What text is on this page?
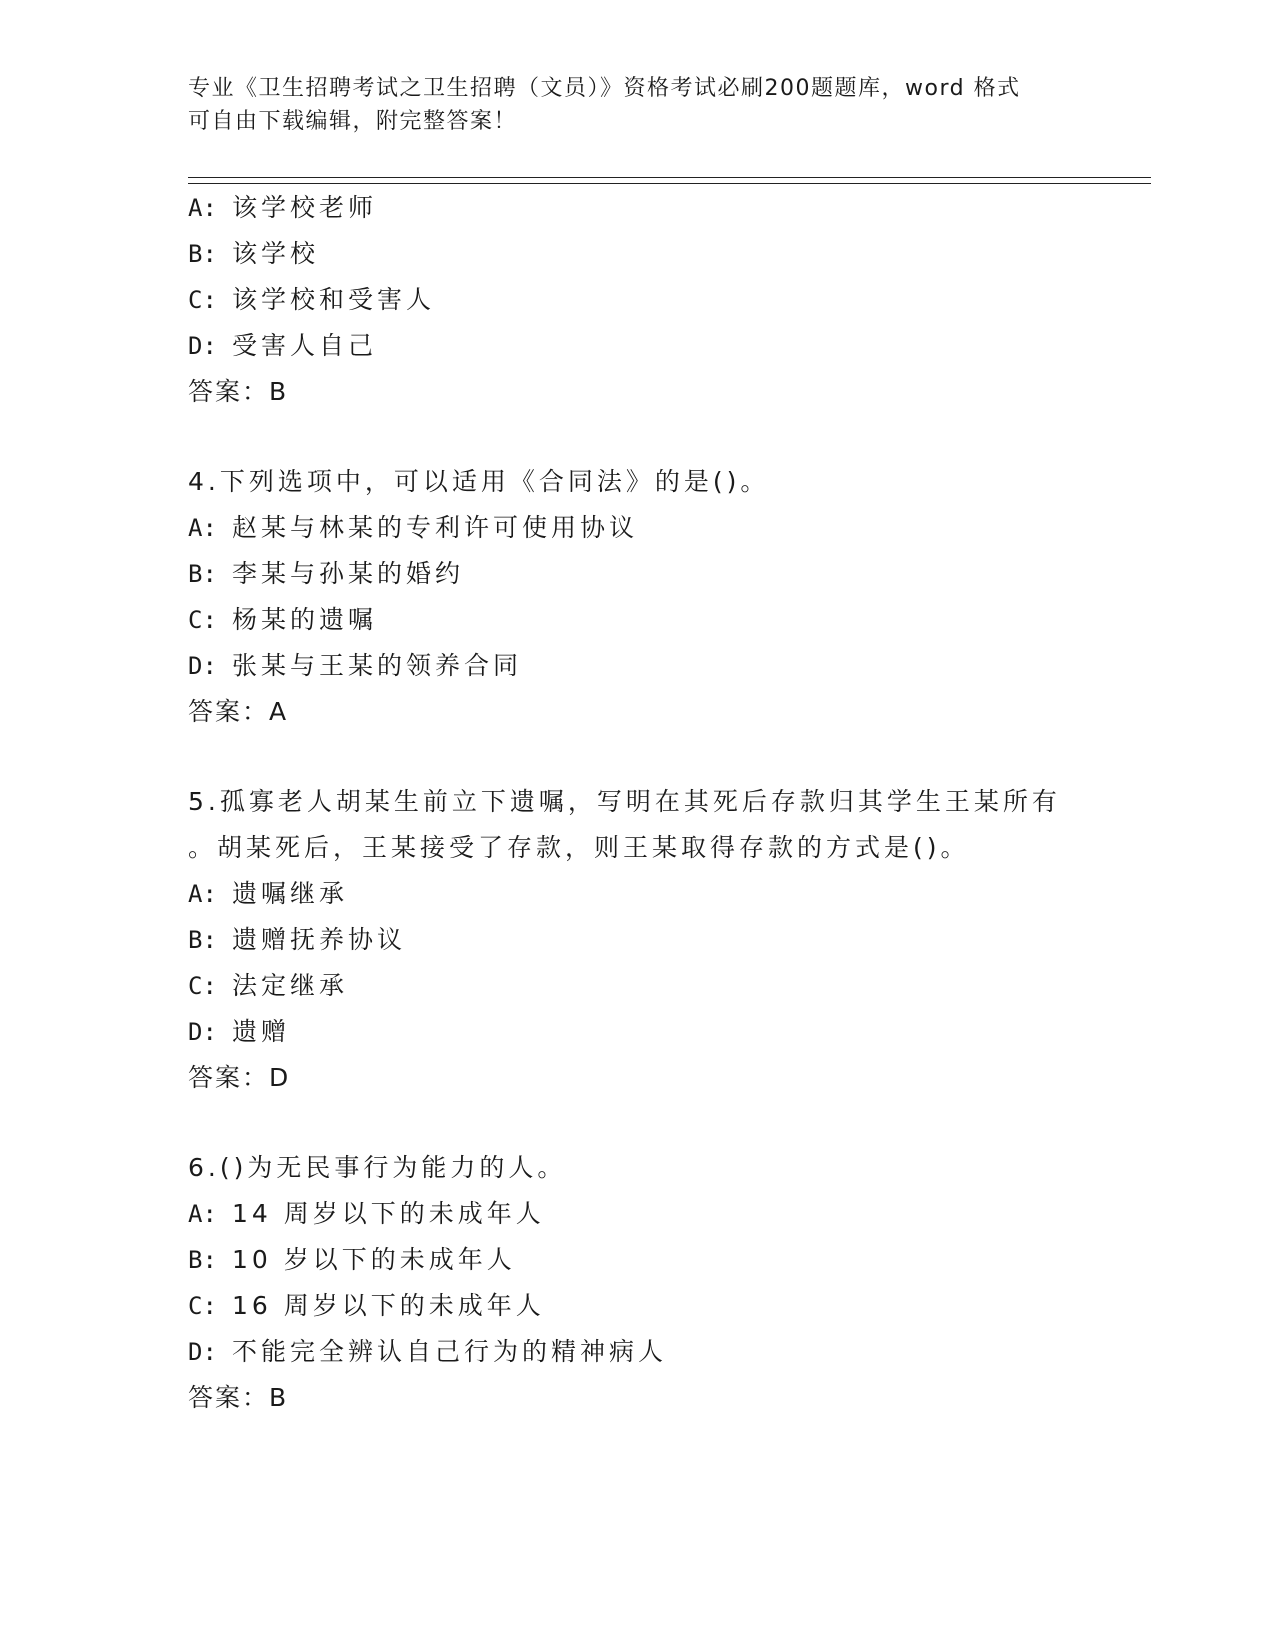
专业《卫生招聘考试之卫生招聘（文员）》资格考试必刷200题题库，word 格式
可自由下载编辑，附完整答案！
A: 该学校老师
B: 该学校
C: 该学校和受害人
D: 受害人自己
答案：B
4.下列选项中，可以适用《合同法》的是()。
A: 赵某与林某的专利许可使用协议
B: 李某与孙某的婚约
C: 杨某的遗嘱
D: 张某与王某的领养合同
答案：A
5.孤寡老人胡某生前立下遗嘱，写明在其死后存款归其学生王某所有
。胡某死后，王某接受了存款，则王某取得存款的方式是()。
A: 遗嘱继承
B: 遗赠抚养协议
C: 法定继承
D: 遗赠
答案：D
6.()为无民事行为能力的人。
A: 14 周岁以下的未成年人
B: 10 岁以下的未成年人
C: 16 周岁以下的未成年人
D: 不能完全辨认自己行为的精神病人
答案：B
